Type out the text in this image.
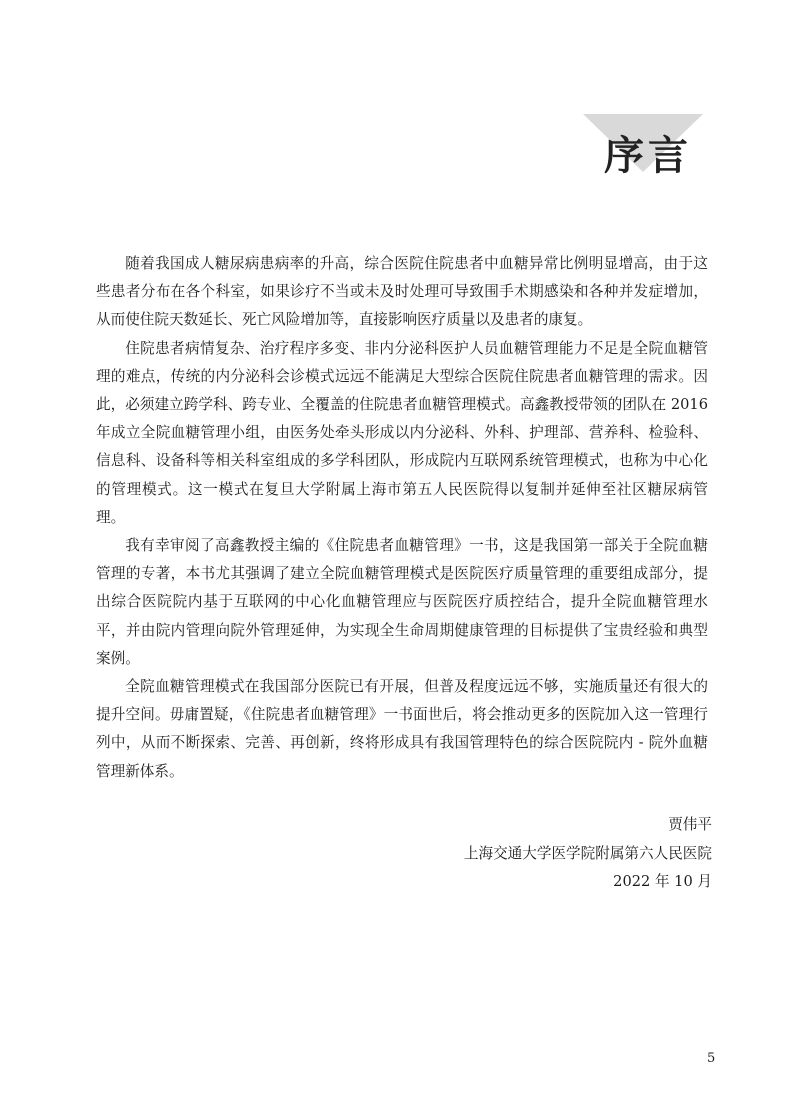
序言

随着我国成人糖尿病患病率的升高，综合医院住院患者中血糖异常比例明显增高，由于这些患者分布在各个科室，如果诊疗不当或未及时处理可导致围手术期感染和各种并发症增加，从而使住院天数延长、死亡风险增加等，直接影响医疗质量以及患者的康复。

住院患者病情复杂、治疗程序多变、非内分泌科医护人员血糖管理能力不足是全院血糖管理的难点，传统的内分泌科会诊模式远远不能满足大型综合医院住院患者血糖管理的需求。因此，必须建立跨学科、跨专业、全覆盖的住院患者血糖管理模式。高鑫教授带领的团队在 2016 年成立全院血糖管理小组，由医务处牵头形成以内分泌科、外科、护理部、营养科、检验科、信息科、设备科等相关科室组成的多学科团队，形成院内互联网系统管理模式，也称为中心化的管理模式。这一模式在复旦大学附属上海市第五人民医院得以复制并延伸至社区糖尿病管理。

我有幸审阅了高鑫教授主编的《住院患者血糖管理》一书，这是我国第一部关于全院血糖管理的专著，本书尤其强调了建立全院血糖管理模式是医院医疗质量管理的重要组成部分，提出综合医院院内基于互联网的中心化血糖管理应与医院医疗质控结合，提升全院血糖管理水平，并由院内管理向院外管理延伸，为实现全生命周期健康管理的目标提供了宝贵经验和典型案例。

全院血糖管理模式在我国部分医院已有开展，但普及程度远远不够，实施质量还有很大的提升空间。毋庸置疑，《住院患者血糖管理》一书面世后，将会推动更多的医院加入这一管理行列中，从而不断探索、完善、再创新，终将形成具有我国管理特色的综合医院院内 - 院外血糖管理新体系。

贾伟平
上海交通大学医学院附属第六人民医院
2022 年 10 月
5
